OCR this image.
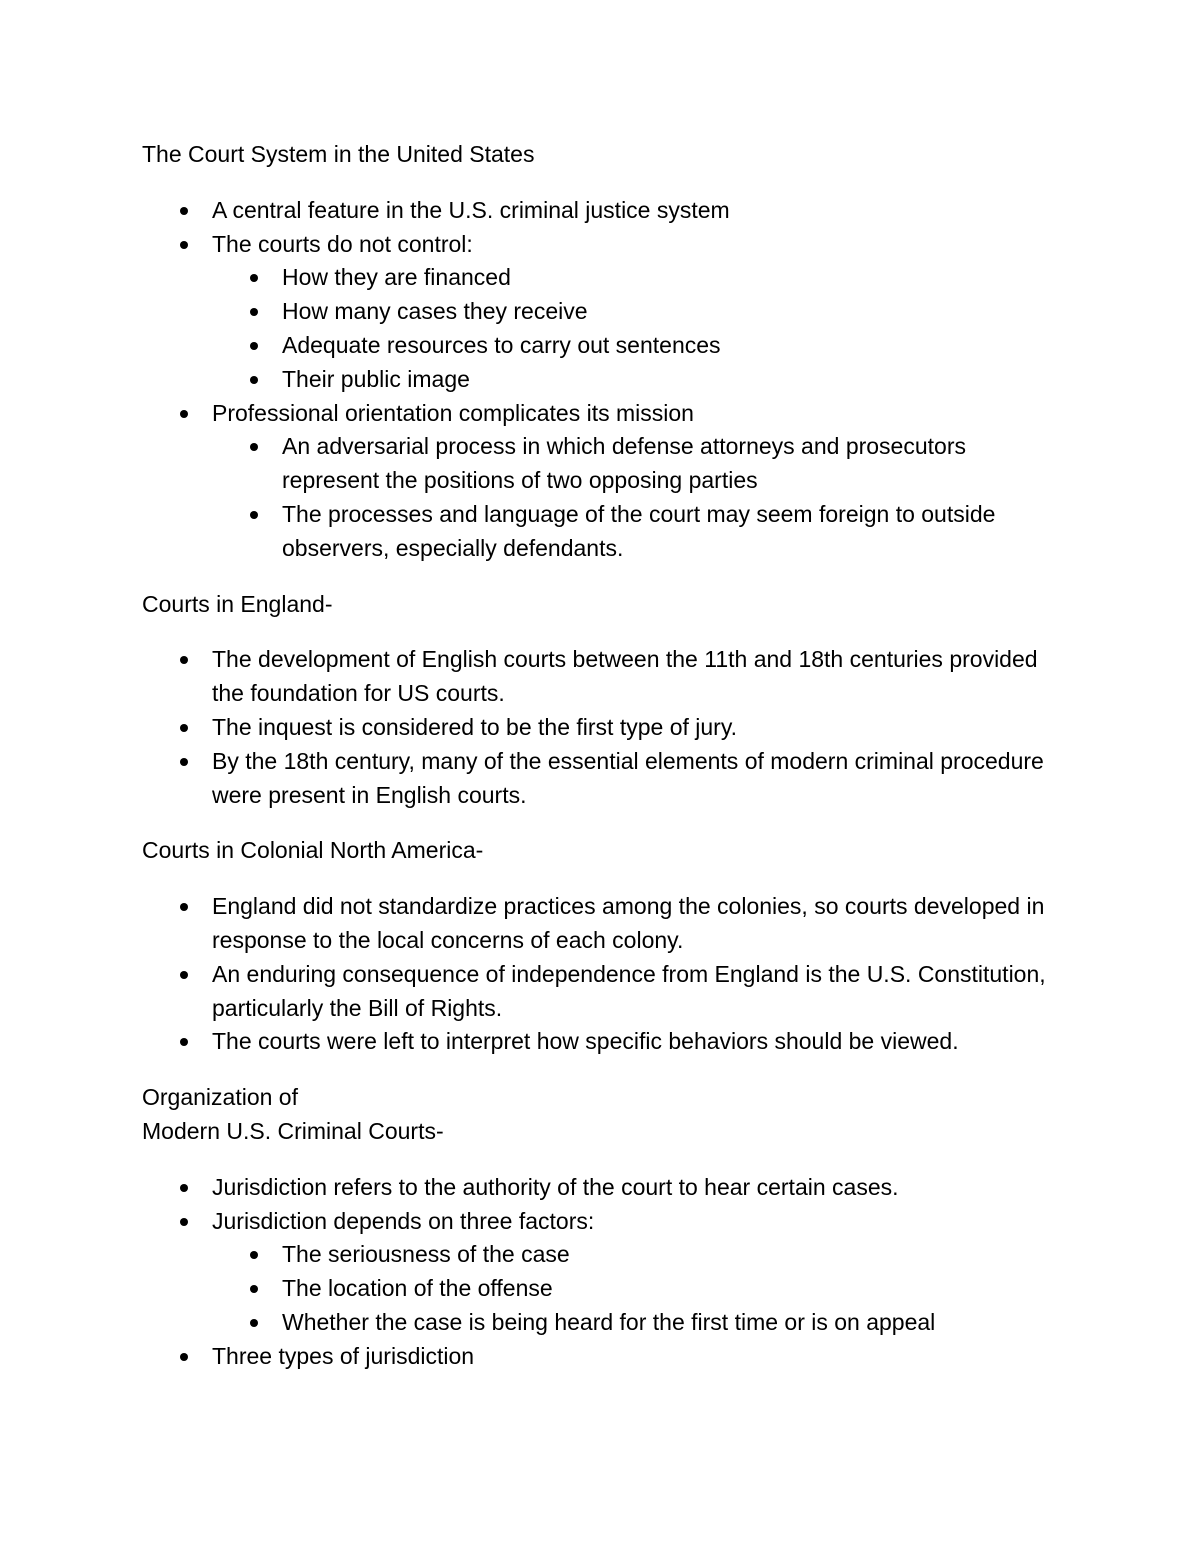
The Court System in the United States
A central feature in the U.S. criminal justice system
The courts do not control:
How they are financed
How many cases they receive
Adequate resources to carry out sentences
Their public image
Professional orientation complicates its mission
An adversarial process in which defense attorneys and prosecutors represent the positions of two opposing parties
The processes and language of the court may seem foreign to outside observers, especially defendants.
Courts in England-
The development of English courts between the 11th and 18th centuries provided the foundation for US courts.
The inquest is considered to be the first type of jury.
By the 18th century, many of the essential elements of modern criminal procedure were present in English courts.
Courts in Colonial North America-
England did not standardize practices among the colonies, so courts developed in response to the local concerns of each colony.
An enduring consequence of independence from England is the U.S. Constitution, particularly the Bill of Rights.
The courts were left to interpret how specific behaviors should be viewed.
Organization of
Modern U.S. Criminal Courts-
Jurisdiction refers to the authority of the court to hear certain cases.
Jurisdiction depends on three factors:
The seriousness of the case
The location of the offense
Whether the case is being heard for the first time or is on appeal
Three types of jurisdiction
